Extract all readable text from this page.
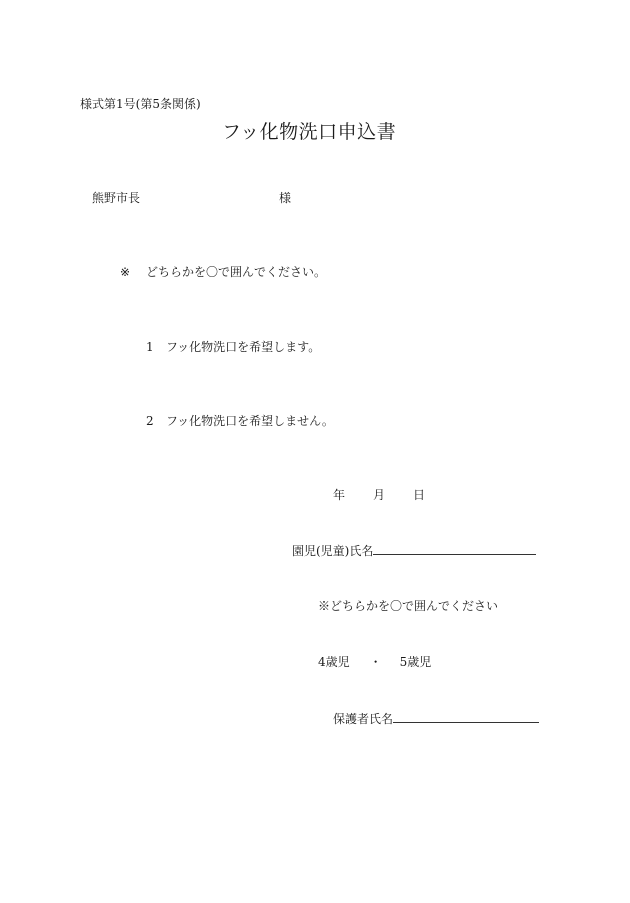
様式第1号(第5条関係)
フッ化物洗口申込書
熊野市長	様
※ どちらかを〇で囲んでください。
1 フッ化物洗口を希望します。
2 フッ化物洗口を希望しません。
年 月 日
園児(児童)氏名
※どちらかを〇で囲んでください
4歳児 ・ 5歳児
保護者氏名
